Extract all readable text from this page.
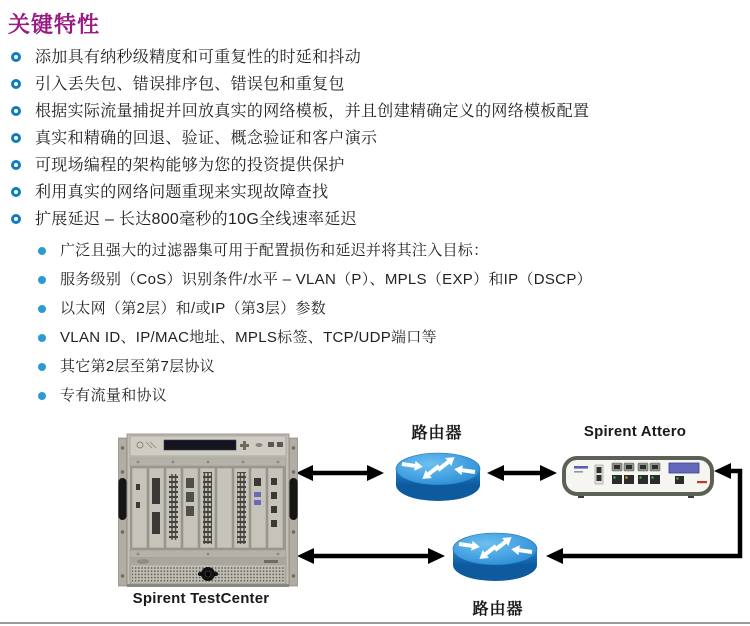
关键特性
添加具有纳秒级精度和可重复性的时延和抖动
引入丢失包、错误排序包、错误包和重复包
根据实际流量捕捉并回放真实的网络模板，并且创建精确定义的网络模板配置
真实和精确的回退、验证、概念验证和客户演示
可现场编程的架构能够为您的投资提供保护
利用真实的网络问题重现来实现故障查找
扩展延迟 – 长达800毫秒的10G全线速率延迟
广泛且强大的过滤器集可用于配置损伤和延迟并将其注入目标：
服务级别（CoS）识别条件/水平 – VLAN（P）、MPLS（EXP）和IP（DSCP）
以太网（第2层）和/或IP（第3层）参数
VLAN ID、IP/MAC地址、MPLS标签、TCP/UDP端口等
其它第2层至第7层协议
专有流量和协议
路由器	Spirent Attero
Spirent TestCenter
路由器
